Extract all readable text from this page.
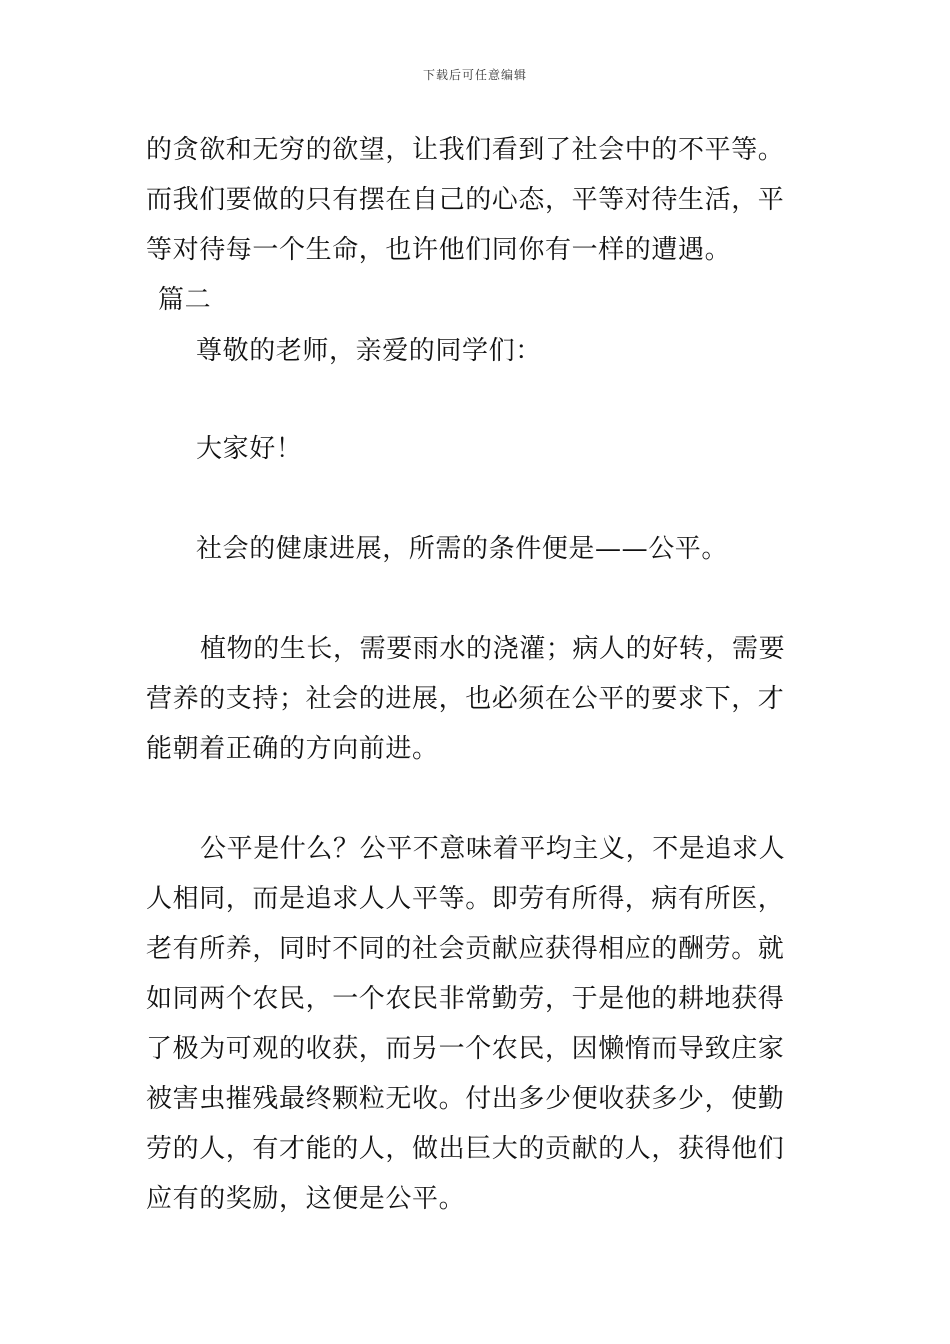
下载后可任意编辑

的贪欲和无穷的欲望，让我们看到了社会中的不平等。而我们要做的只有摆在自己的心态，平等对待生活，平等对待每一个生命，也许他们同你有一样的遭遇。

篇二

尊敬的老师，亲爱的同学们：

大家好！

社会的健康进展，所需的条件便是——公平。

植物的生长，需要雨水的浇灌；病人的好转，需要营养的支持；社会的进展，也必须在公平的要求下，才能朝着正确的方向前进。

公平是什么？公平不意味着平均主义，不是追求人人相同，而是追求人人平等。即劳有所得，病有所医，老有所养，同时不同的社会贡献应获得相应的酬劳。就如同两个农民，一个农民非常勤劳，于是他的耕地获得了极为可观的收获，而另一个农民，因懒惰而导致庄家被害虫摧残最终颗粒无收。付出多少便收获多少，使勤劳的人，有才能的人，做出巨大的贡献的人，获得他们应有的奖励，这便是公平。
